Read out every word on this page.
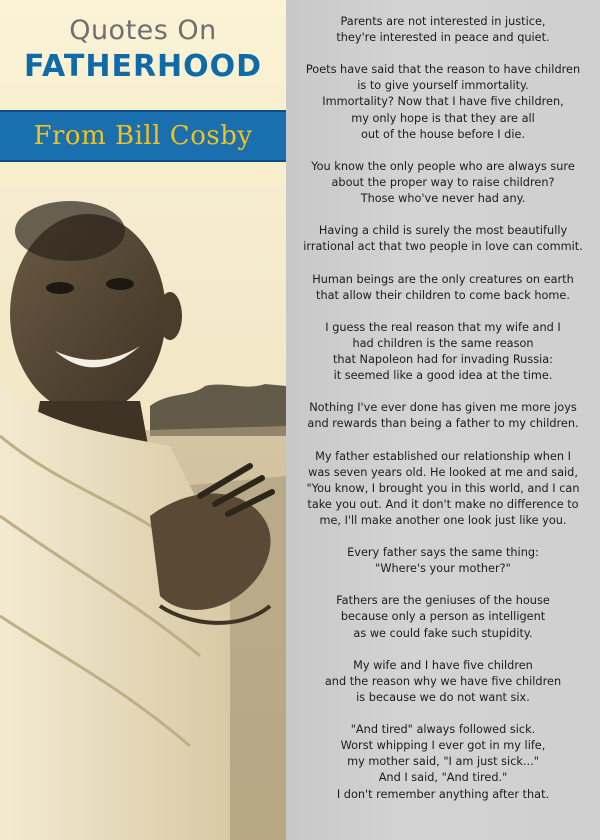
Quotes On
FATHERHOOD
From Bill Cosby
Parents are not interested in justice,
they're interested in peace and quiet.
Poets have said that the reason to have children
is to give yourself immortality.
Immortality? Now that I have five children,
my only hope is that they are all
out of the house before I die.
You know the only people who are always sure
about the proper way to raise children?
Those who've never had any.
Having a child is surely the most beautifully
irrational act that two people in love can commit.
Human beings are the only creatures on earth
that allow their children to come back home.
I guess the real reason that my wife and I
had children is the same reason
that Napoleon had for invading Russia:
it seemed like a good idea at the time.
Nothing I've ever done has given me more joys
and rewards than being a father to my children.
My father established our relationship when I
was seven years old. He looked at me and said,
"You know, I brought you in this world, and I can
take you out. And it don't make no difference to
me, I'll make another one look just like you.
Every father says the same thing:
"Where's your mother?"
Fathers are the geniuses of the house
because only a person as intelligent
as we could fake such stupidity.
My wife and I have five children
and the reason why we have five children
is because we do not want six.
"And tired" always followed sick.
Worst whipping I ever got in my life,
my mother said, "I am just sick..."
And I said, "And tired."
I don't remember anything after that.
